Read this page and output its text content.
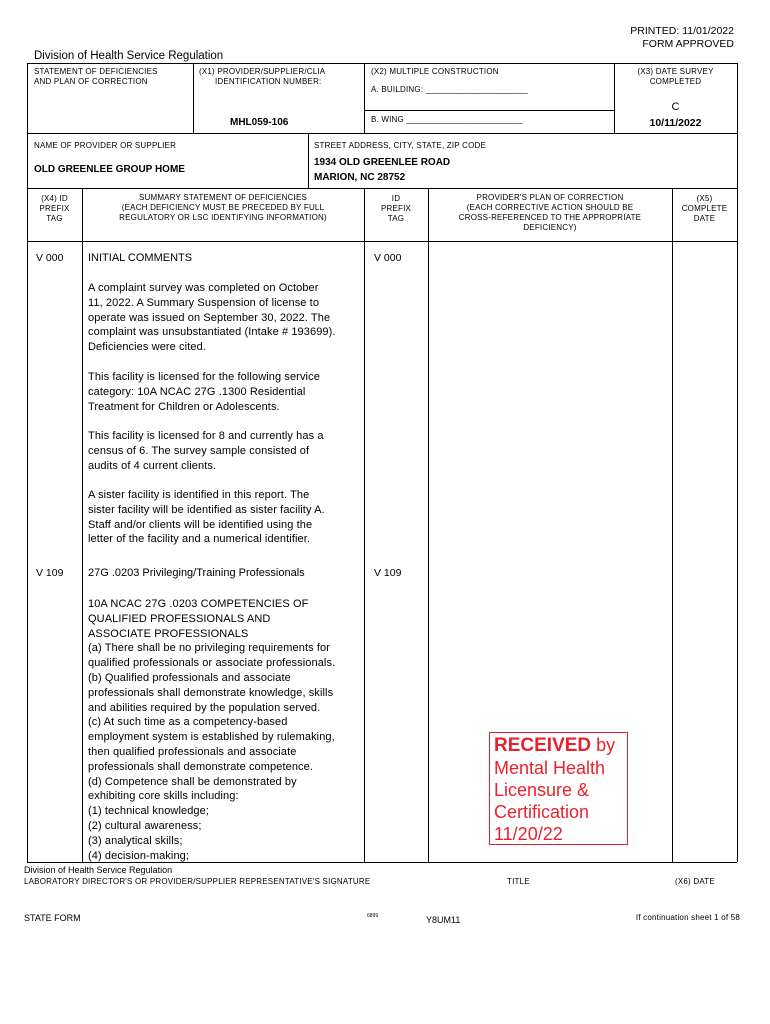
PRINTED: 11/01/2022
FORM APPROVED
Division of Health Service Regulation
STATEMENT OF DEFICIENCIES
AND PLAN OF CORRECTION
(X1) PROVIDER/SUPPLIER/CLIA
IDENTIFICATION NUMBER:
MHL059-106
(X2) MULTIPLE CONSTRUCTION
A. BUILDING: ______________________
B. WING _________________________
(X3) DATE SURVEY
COMPLETED
C
10/11/2022
NAME OF PROVIDER OR SUPPLIER
OLD GREENLEE GROUP HOME
STREET ADDRESS, CITY, STATE, ZIP CODE
1934 OLD GREENLEE ROAD
MARION, NC 28752
(X4) ID
PREFIX
TAG
SUMMARY STATEMENT OF DEFICIENCIES
(EACH DEFICIENCY MUST BE PRECEDED BY FULL
REGULATORY OR LSC IDENTIFYING INFORMATION)
ID
PREFIX
TAG
PROVIDER'S PLAN OF CORRECTION
(EACH CORRECTIVE ACTION SHOULD BE
CROSS-REFERENCED TO THE APPROPRIATE
DEFICIENCY)
(X5)
COMPLETE
DATE
V 000	V 000
INITIAL COMMENTS
A complaint survey was completed on October
11, 2022. A Summary Suspension of license to
operate was issued on September 30, 2022. The
complaint was unsubstantiated (Intake # 193699).
Deficiencies were cited.
This facility is licensed for the following service
category: 10A NCAC 27G .1300 Residential
Treatment for Children or Adolescents.
This facility is licensed for 8 and currently has a
census of 6. The survey sample consisted of
audits of 4 current clients.
A sister facility is identified in this report. The
sister facility will be identified as sister facility A.
Staff and/or clients will be identified using the
letter of the facility and a numerical identifier.
V 109	V 109
27G .0203 Privileging/Training Professionals
10A NCAC 27G .0203 COMPETENCIES OF
QUALIFIED PROFESSIONALS AND
ASSOCIATE PROFESSIONALS
(a) There shall be no privileging requirements for
qualified professionals or associate professionals.
(b) Qualified professionals and associate
professionals shall demonstrate knowledge, skills
and abilities required by the population served.
(c) At such time as a competency-based
employment system is established by rulemaking,
then qualified professionals and associate
professionals shall demonstrate competence.
(d) Competence shall be demonstrated by
exhibiting core skills including:
(1) technical knowledge;
(2) cultural awareness;
(3) analytical skills;
(4) decision-making;
RECEIVED by
Mental Health
Licensure &
Certification
11/20/22
Division of Health Service Regulation
LABORATORY DIRECTOR'S OR PROVIDER/SUPPLIER REPRESENTATIVE'S SIGNATURE	TITLE	(X6) DATE
STATE FORM	6899	Y8UM11	If continuation sheet 1 of 58
